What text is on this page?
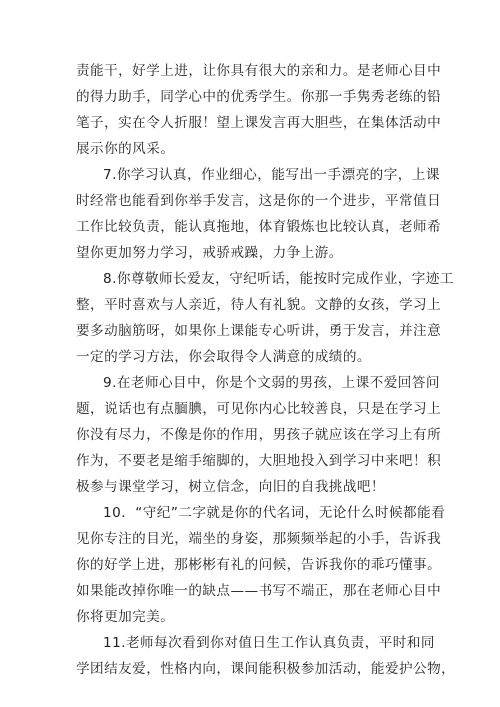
责能干，好学上进，让你具有很大的亲和力。是老师心目中
的得力助手，同学心中的优秀学生。你那一手隽秀老练的铅
笔子，实在令人折服！望上课发言再大胆些，在集体活动中
展示你的风采。
7.你学习认真，作业细心，能写出一手漂亮的字，上课
时经常也能看到你举手发言，这是你的一个进步，平常值日
工作比较负责，能认真拖地，体育锻炼也比较认真，老师希
望你更加努力学习，戒骄戒躁，力争上游。
8.你尊敬师长爱友，守纪听话，能按时完成作业，字迹工
整，平时喜欢与人亲近，待人有礼貌。文静的女孩，学习上
要多动脑筋呀，如果你上课能专心听讲，勇于发言，并注意
一定的学习方法，你会取得令人满意的成绩的。
9.在老师心目中，你是个文弱的男孩，上课不爱回答问
题，说话也有点腼腆，可见你内心比较善良，只是在学习上
你没有尽力，不像是你的作用，男孩子就应该在学习上有所
作为，不要老是缩手缩脚的，大胆地投入到学习中来吧！积
极参与课堂学习，树立信念，向旧的自我挑战吧！
10．“守纪”二字就是你的代名词，无论什么时候都能看
见你专注的目光，端坐的身姿，那频频举起的小手，告诉我
你的好学上进，那彬彬有礼的问候，告诉我你的乖巧懂事。
如果能改掉你唯一的缺点——书写不端正，那在老师心目中
你将更加完美。
11.老师每次看到你对值日生工作认真负责，平时和同
学团结友爱，性格内向，课间能积极参加活动，能爱护公物，
